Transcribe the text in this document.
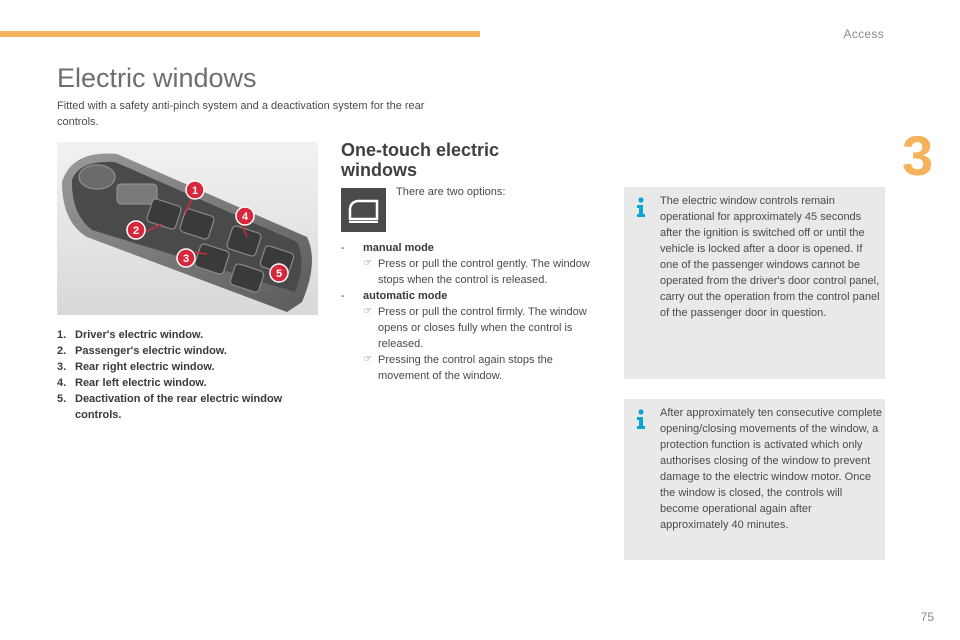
Access
3
Electric windows

Fitted with a safety anti-pinch system and a deactivation system for the rear controls.

1
2
3
4
5
1. Driver's electric window.
2. Passenger's electric window.
3. Rear right electric window.
4. Rear left electric window.
5. Deactivation of the rear electric window controls.
One-touch electric windows
There are two options:
-	manual mode
☞ Press or pull the control gently. The window stops when the control is released.
-	automatic mode
☞ Press or pull the control firmly. The window opens or closes fully when the control is released.
☞ Pressing the control again stops the movement of the window.
The electric window controls remain operational for approximately 45 seconds after the ignition is switched off or until the vehicle is locked after a door is opened. If one of the passenger windows cannot be operated from the driver's door control panel, carry out the operation from the control panel of the passenger door in question.
After approximately ten consecutive complete opening/closing movements of the window, a protection function is activated which only authorises closing of the window to prevent damage to the electric window motor. Once the window is closed, the controls will become operational again after approximately 40 minutes.
75
